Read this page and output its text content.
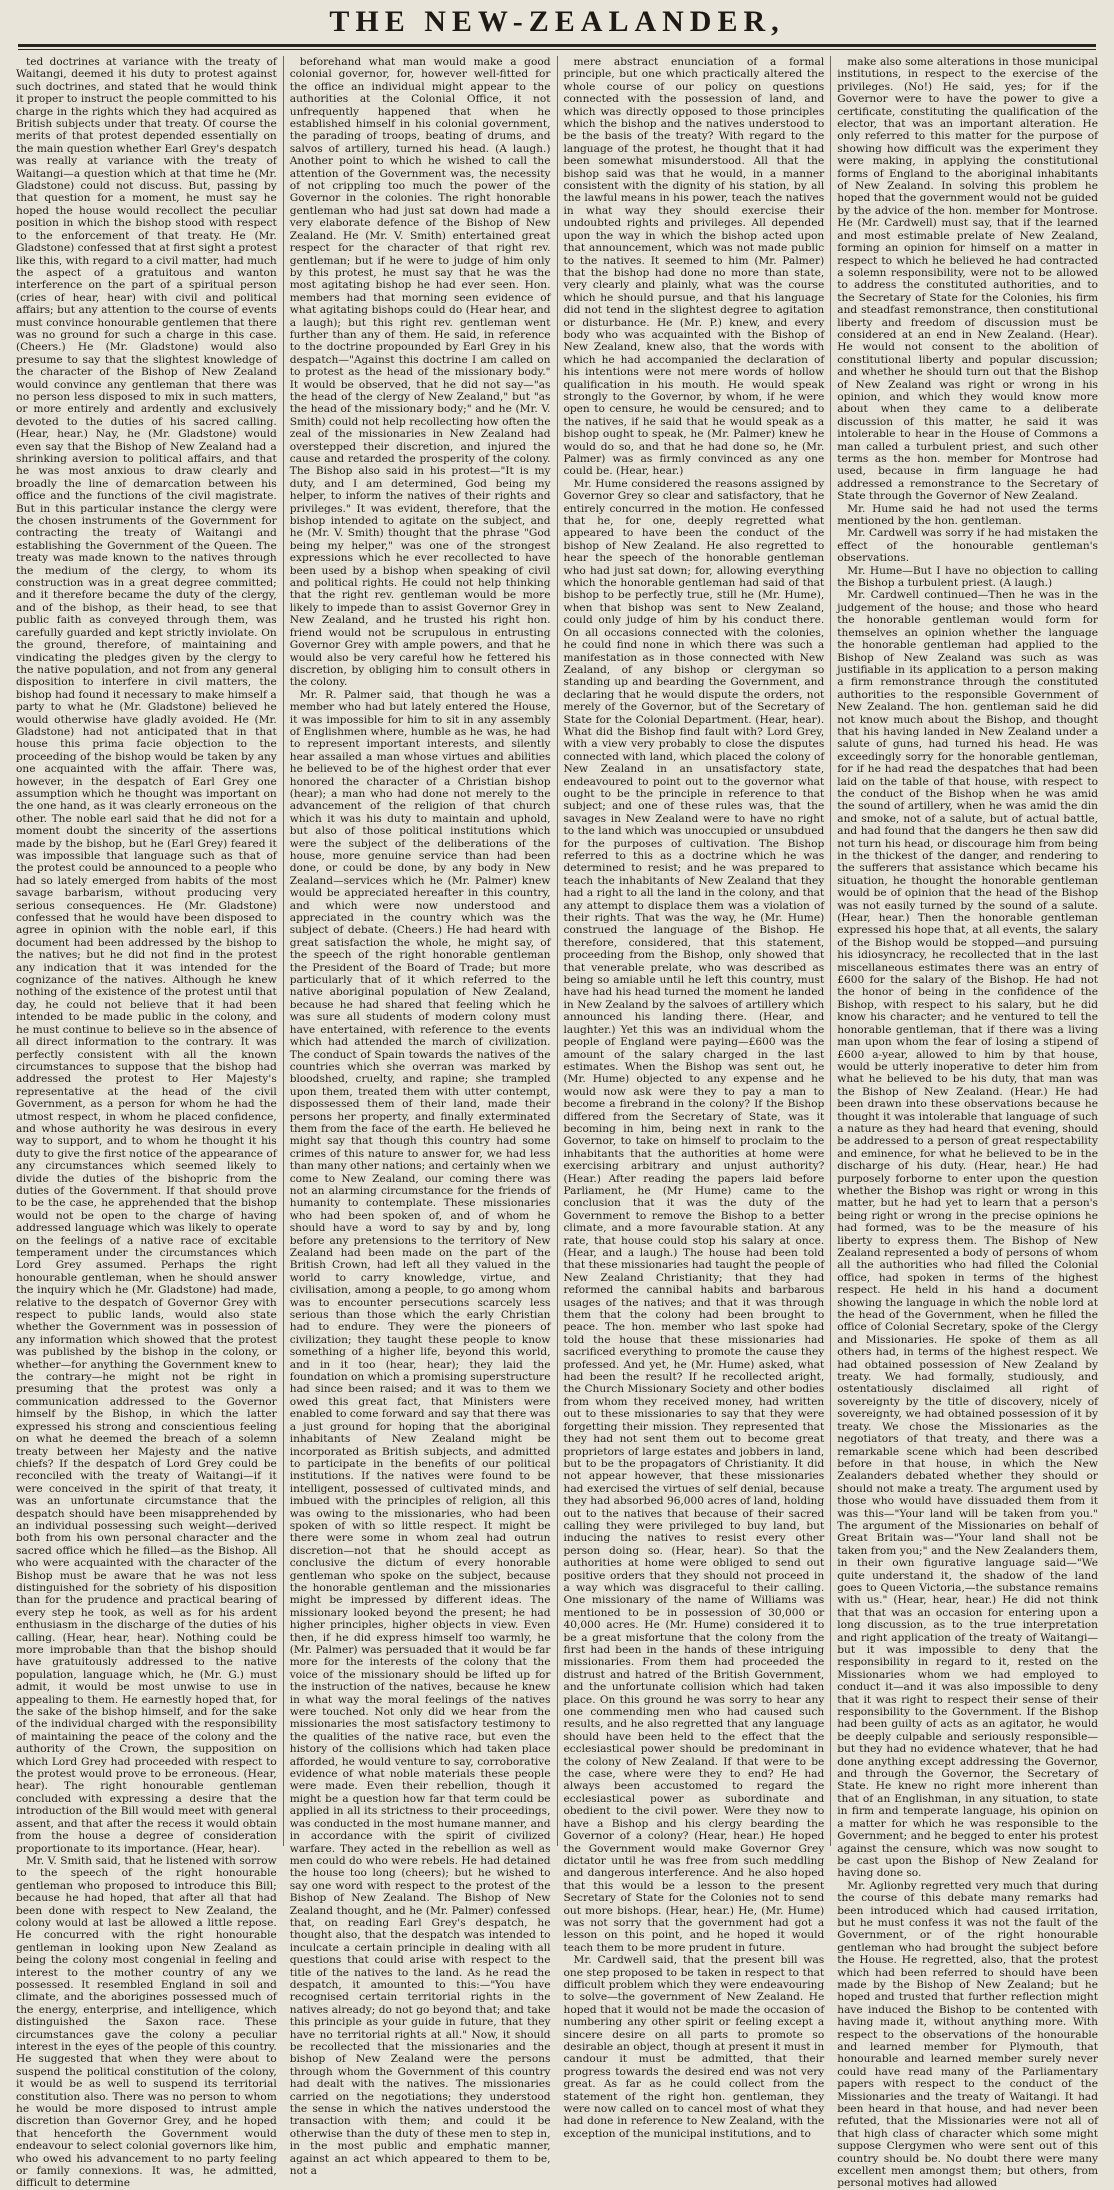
THE NEW-ZEALANDER,

ted doctrines at variance with the treaty of Waitangi, deemed it his duty to protest against such doctrines, and stated that he would think it proper to instruct the people committed to his charge in the rights which they had acquired as British subjects under that treaty. Of course the merits of that protest depended essentially on the main question whether Earl Grey's despatch was really at variance with the treaty of Waitangi—a question which at that time he (Mr. Gladstone) could not discuss. But, passing by that question for a moment, he must say he hoped the house would recollect the peculiar position in which the bishop stood with respect to the enforcement of that treaty. He (Mr. Gladstone) confessed that at first sight a protest like this, with regard to a civil matter, had much the aspect of a gratuitous and wanton interference on the part of a spiritual person (cries of hear, hear) with civil and political affairs; but any attention to the course of events must convince honourable gentlemen that there was no ground for such a charge in this case. (Cheers.) He (Mr. Gladstone) would also presume to say that the slightest knowledge of the character of the Bishop of New Zealand would convince any gentleman that there was no person less disposed to mix in such matters, or more entirely and ardently and exclusively devoted to the duties of his sacred calling. (Hear, hear.) Nay, he (Mr. Gladstone) would even say that the Bishop of New Zealand had a shrinking aversion to political affairs, and that he was most anxious to draw clearly and broadly the line of demarcation between his office and the functions of the civil magistrate. But in this particular instance the clergy were the chosen instruments of the Government for contracting the treaty of Waitangi and establishing the Government of the Queen. The treaty was made known to the natives through the medium of the clergy, to whom its construction was in a great degree committed; and it therefore became the duty of the clergy, and of the bishop, as their head, to see that public faith as conveyed through them, was carefully guarded and kept strictly inviolate. On the ground, therefore, of maintaining and vindicating the pledges given by the clergy to the native population, and not from any general disposition to interfere in civil matters, the bishop had found it necessary to make himself a party to what he (Mr. Gladstone) believed he would otherwise have gladly avoided. He (Mr. Gladstone) had not anticipated that in that house this prima facie objection to the proceeding of the bishop would be taken by any one acquainted with the affair. There was, however, in the despatch of Earl Grey one assumption which he thought was important on the one hand, as it was clearly erroneous on the other. The noble earl said that he did not for a moment doubt the sincerity of the assertions made by the bishop, but he (Earl Grey) feared it was impossible that language such as that of the protest could be announced to a people who had so lately emerged from habits of the most savage barbarism, without producing very serious consequences. He (Mr. Gladstone) confessed that he would have been disposed to agree in opinion with the noble earl, if this document had been addressed by the bishop to the natives; but he did not find in the protest any indication that it was intended for the cognizance of the natives. Although he knew nothing of the existence of the protest until that day, he could not believe that it had been intended to be made public in the colony, and he must continue to believe so in the absence of all direct information to the contrary. It was perfectly consistent with all the known circumstances to suppose that the bishop had addressed the protest to Her Majesty's representative at the head of the civil Government, as a person for whom he had the utmost respect, in whom he placed confidence, and whose authority he was desirous in every way to support, and to whom he thought it his duty to give the first notice of the appearance of any circumstances which seemed likely to divide the duties of the bishopric from the duties of the Government. If that should prove to be the case, he apprehended that the bishop would not be open to the charge of having addressed language which was likely to operate on the feelings of a native race of excitable temperament under the circumstances which Lord Grey assumed. Perhaps the right honourable gentleman, when he should answer the inquiry which he (Mr. Gladstone) had made, relative to the despatch of Governor Grey with respect to public lands, would also state whether the Government was in possession of any information which showed that the protest was published by the bishop in the colony, or whether—for anything the Government knew to the contrary—he might not be right in presuming that the protest was only a communication addressed to the Governor himself by the Bishop, in which the latter expressed his strong and conscientious feeling on what he deemed the breach of a solemn treaty between her Majesty and the native chiefs? If the despatch of Lord Grey could be reconciled with the treaty of Waitangi—if it were conceived in the spirit of that treaty, it was an unfortunate circumstance that the despatch should have been misapprehended by an individual possessing such weight—derived both from his own personal character and the sacred office which he filled—as the Bishop. All who were acquainted with the character of the Bishop must be aware that he was not less distinguished for the sobriety of his disposition than for the prudence and practical bearing of every step he took, as well as for his ardent enthusiasm in the discharge of the duties of his calling. (Hear, hear, hear). Nothing could be more improbable than that the bishop should have gratuitously addressed to the native population, language which, he (Mr. G.) must admit, it would be most unwise to use in appealing to them. He earnestly hoped that, for the sake of the bishop himself, and for the sake of the individual charged with the responsibility of maintaining the peace of the colony and the authority of the Crown, the supposition on which Lord Grey had proceeded with respect to the protest would prove to be erroneous. (Hear, hear). The right honourable gentleman concluded with expressing a desire that the introduction of the Bill would meet with general assent, and that after the recess it would obtain from the house a degree of consideration proportionate to its importance. (Hear, hear).

Mr. V. Smith said, that he listened with sorrow to the speech of the right honourable gentleman who proposed to introduce this Bill; because he had hoped, that after all that had been done with respect to New Zealand, the colony would at last be allowed a little repose. He concurred with the right honourable gentleman in looking upon New Zealand as being the colony most congenial in feeling and interest to the mother country of any we possessed. It resembled England in soil and climate, and the aborigines possessed much of the energy, enterprise, and intelligence, which distinguished the Saxon race. These circumstances gave the colony a peculiar interest in the eyes of the people of this country. He suggested that when they were about to suspend the political constitution of the colony, it would be as well to suspend its territorial constitution also. There was no person to whom he would be more disposed to intrust ample discretion than Governor Grey, and he hoped that henceforth the Government would endeavour to select colonial governors like him, who owed his advancement to no party feeling or family connexions. It was, he admitted, difficult to determine

beforehand what man would make a good colonial governor, for, however well-fitted for the office an individual might appear to the authorities at the Colonial Office, it not unfrequently happened that when he established himself in his colonial government, the parading of troops, beating of drums, and salvos of artillery, turned his head. (A laugh.) Another point to which he wished to call the attention of the Government was, the necessity of not crippling too much the power of the Governor in the colonies. The right honorable gentleman who had just sat down had made a very elaborate defence of the Bishop of New Zealand. He (Mr. V. Smith) entertained great respect for the character of that right rev. gentleman; but if he were to judge of him only by this protest, he must say that he was the most agitating bishop he had ever seen. Hon. members had that morning seen evidence of what agitating bishops could do (Hear hear, and a laugh); but this right rev. gentleman went further than any of them. He said, in reference to the doctrine propounded by Earl Grey in his despatch—"Against this doctrine I am called on to protest as the head of the missionary body." It would be observed, that he did not say—"as the head of the clergy of New Zealand," but "as the head of the missionary body;" and he (Mr. V. Smith) could not help recollecting how often the zeal of the missionaries in New Zealand had overstepped their discretion, and injured the cause and retarded the prosperity of the colony. The Bishop also said in his protest—"It is my duty, and I am determined, God being my helper, to inform the natives of their rights and privileges." It was evident, therefore, that the bishop intended to agitate on the subject, and he (Mr. V. Smith) thought that the phrase "God being my helper," was one of the strongest expressions which he ever recollected to have been used by a bishop when speaking of civil and political rights. He could not help thinking that the right rev. gentleman would be more likely to impede than to assist Governor Grey in New Zealand, and he trusted his right hon. friend would not be scrupulous in entrusting Governor Grey with ample powers, and that he would also be very careful how he fettered his discretion, by obliging him to consult others in the colony.

Mr. R. Palmer said, that though he was a member who had but lately entered the House, it was impossible for him to sit in any assembly of Englishmen where, humble as he was, he had to represent important interests, and silently hear assailed a man whose virtues and abilities he believed to be of the highest order that ever honored the character of a Christian bishop (hear); a man who had done not merely to the advancement of the religion of that church which it was his duty to maintain and uphold, but also of those political institutions which were the subject of the deliberations of the house, more genuine service than had been done, or could be done, by any body in New Zealand—services which he (Mr. Palmer) knew would be appreciated hereafter in this country, and which were now understood and appreciated in the country which was the subject of debate. (Cheers.) He had heard with great satisfaction the whole, he might say, of the speech of the right honorable gentleman the President of the Board of Trade; but more particularly that of it which referred to the native aboriginal population of New Zealand, because he had shared that feeling which he was sure all students of modern colony must have entertained, with reference to the events which had attended the march of civilization. The conduct of Spain towards the natives of the countries which she overran was marked by bloodshed, cruelty, and rapine; she trampled upon them, treated them with utter contempt, dispossessed them of their land, made their persons her property, and finally exterminated them from the face of the earth. He believed he might say that though this country had some crimes of this nature to answer for, we had less than many other nations; and certainly when we come to New Zealand, our coming there was not an alarming circumstance for the friends of humanity to contemplate. These missionaries who had been spoken of, and of whom he should have a word to say by and by, long before any pretensions to the territory of New Zealand had been made on the part of the British Crown, had left all they valued in the world to carry knowledge, virtue, and civilisation, among a people, to go among whom was to encounter persecutions scarcely less serious than those which the early Christian had to endure. They were the pioneers of civilization; they taught these people to know something of a higher life, beyond this world, and in it too (hear, hear); they laid the foundation on which a promising superstructure had since been raised; and it was to them we owed this great fact, that Ministers were enabled to come forward and say that there was a just ground for hoping that the aboriginal inhabitants of New Zealand might be incorporated as British subjects, and admitted to participate in the benefits of our political institutions. If the natives were found to be intelligent, possessed of cultivated minds, and imbued with the principles of religion, all this was owing to the missionaries, who had been spoken of with so little respect. It might be there were some in whom zeal had outrun discretion—not that he should accept as conclusive the dictum of every honorable gentleman who spoke on the subject, because the honorable gentleman and the missionaries might be impressed by different ideas. The missionary looked beyond the present; he had higher principles, higher objects in view. Even then, if he did express himself too warmly, he (Mr. Palmer) was persuaded that it would be far more for the interests of the colony that the voice of the missionary should be lifted up for the instruction of the natives, because he knew in what way the moral feelings of the natives were touched. Not only did we hear from the missionaries the most satisfactory testimony to the qualities of the native race, but even the history of the collisions which had taken place afforded, he would venture to say, corroborative evidence of what noble materials these people were made. Even their rebellion, though it might be a question how far that term could be applied in all its strictness to their proceedings, was conducted in the most humane manner, and in accordance with the spirit of civilized warfare. They acted in the rebellion as well as men could do who were rebels. He had detained the house too long (cheers); but he wished to say one word with respect to the protest of the Bishop of New Zealand. The Bishop of New Zealand thought, and he (Mr. Palmer) confessed that, on reading Earl Grey's despatch, he thought also, that the despatch was intended to inculcate a certain principle in dealing with all questions that could arise with respect to the title of the natives to the land. As he read the despatch, it amounted to this:—"You have recognised certain territorial rights in the natives already; do not go beyond that; and take this principle as your guide in future, that they have no territorial rights at all." Now, it should be recollected that the missionaries and the bishop of New Zealand were the persons through whom the Government of this country had dealt with the natives. The missionaries carried on the negotiations; they understood the sense in which the natives understood the transaction with them; and could it be otherwise than the duty of these men to step in, in the most public and emphatic manner, against an act which appeared to them to be, not a

mere abstract enunciation of a formal principle, but one which practically altered the whole course of our policy on questions connected with the possession of land, and which was directly opposed to those principles which the bishop and the natives understood to be the basis of the treaty? With regard to the language of the protest, he thought that it had been somewhat misunderstood. All that the bishop said was that he would, in a manner consistent with the dignity of his station, by all the lawful means in his power, teach the natives in what way they should exercise their undoubted rights and privileges. All depended upon the way in which the bishop acted upon that announcement, which was not made public to the natives. It seemed to him (Mr. Palmer) that the bishop had done no more than state, very clearly and plainly, what was the course which he should pursue, and that his language did not tend in the slightest degree to agitation or disturbance. He (Mr. P.) knew, and every body who was acquainted with the Bishop of New Zealand, knew also, that the words with which he had accompanied the declaration of his intentions were not mere words of hollow qualification in his mouth. He would speak strongly to the Governor, by whom, if he were open to censure, he would be censured; and to the natives, if he said that he would speak as a bishop ought to speak, he (Mr. Palmer) knew he would do so, and that he had done so, he (Mr. Palmer) was as firmly convinced as any one could be. (Hear, hear.)

Mr. Hume considered the reasons assigned by Governor Grey so clear and satisfactory, that he entirely concurred in the motion. He confessed that he, for one, deeply regretted what appeared to have been the conduct of the bishop of New Zealand. He also regretted to hear the speech of the honorable gentleman who had just sat down; for, allowing everything which the honorable gentleman had said of that bishop to be perfectly true, still he (Mr. Hume), when that bishop was sent to New Zealand, could only judge of him by his conduct there. On all occasions connected with the colonies, he could find none in which there was such a manifestation as in those connected with New Zealand, of any bishop or clergyman so standing up and bearding the Government, and declaring that he would dispute the orders, not merely of the Governor, but of the Secretary of State for the Colonial Department. (Hear, hear). What did the Bishop find fault with? Lord Grey, with a view very probably to close the disputes connected with land, which placed the colony of New Zealand in an unsatisfactory state, endeavoured to point out to the governor what ought to be the principle in reference to that subject; and one of these rules was, that the savages in New Zealand were to have no right to the land which was unoccupied or unsubdued for the purposes of cultivation. The Bishop referred to this as a doctrine which he was determined to resist; and he was prepared to teach the inhabitants of New Zealand that they had a right to all the land in the colony, and that any attempt to displace them was a violation of their rights. That was the way, he (Mr. Hume) construed the language of the Bishop. He therefore, considered, that this statement, proceeding from the Bishop, only showed that that venerable prelate, who was described as being so amiable until he left this country, must have had his head turned the moment he landed in New Zealand by the salvoes of artillery which announced his landing there. (Hear, and laughter.) Yet this was an individual whom the people of England were paying—£600 was the amount of the salary charged in the last estimates. When the Bishop was sent out, he (Mr. Hume) objected to any expense and he would now ask were they to pay a man to become a firebrand in the colony? If the Bishop differed from the Secretary of State, was it becoming in him, being next in rank to the Governor, to take on himself to proclaim to the inhabitants that the authorities at home were exercising arbitrary and unjust authority? (Hear.) After reading the papers laid before Parliament, he (Mr Hume) came to the conclusion that it was the duty of the Government to remove the Bishop to a better climate, and a more favourable station. At any rate, that house could stop his salary at once. (Hear, and a laugh.) The house had been told that these missionaries had taught the people of New Zealand Christianity; that they had reformed the cannibal habits and barbarous usages of the natives; and that it was through them that the colony had been brought to peace. The hon. member who last spoke had told the house that these missionaries had sacrificed everything to promote the cause they professed. And yet, he (Mr. Hume) asked, what had been the result? If he recollected aright, the Church Missionary Society and other bodies from whom they received money, had written out to these missionaries to say that they were forgetting their mission. They represented that they had not sent them out to become great proprietors of large estates and jobbers in land, but to be the propagators of Christianity. It did not appear however, that these missionaries had exercised the virtues of self denial, because they had absorbed 96,000 acres of land, holding out to the natives that because of their sacred calling they were privileged to buy land, but inducing the natives to resist every other person doing so. (Hear, hear). So that the authorities at home were obliged to send out positive orders that they should not proceed in a way which was disgraceful to their calling. One missionary of the name of Williams was mentioned to be in possession of 30,000 or 40,000 acres. He (Mr. Hume) considered it to be a great misfortune that the colony from the first had been in the hands of these intriguing missionaries. From them had proceeded the distrust and hatred of the British Government, and the unfortunate collision which had taken place. On this ground he was sorry to hear any one commending men who had caused such results, and he also regretted that any language should have been held to the effect that the ecclesiastical power should be predominant in the colony of New Zealand. If that were to be the case, where were they to end? He had always been accustomed to regard the ecclesiastical power as subordinate and obedient to the civil power. Were they now to have a Bishop and his clergy bearding the Governor of a colony? (Hear, hear.) He hoped the Government would make Governor Grey dictator until he was free from such meddling and dangerous interference. And he also hoped that this would be a lesson to the present Secretary of State for the Colonies not to send out more bishops. (Hear, hear.) He, (Mr. Hume) was not sorry that the government had got a lesson on this point, and he hoped it would teach them to be more prudent in future.

Mr. Cardwell said, that the present bill was one step proposed to be taken in respect to that difficult problem which they were endeavouring to solve—the government of New Zealand. He hoped that it would not be made the occasion of numbering any other spirit or feeling except a sincere desire on all parts to promote so desirable an object, though at present it must in candour it must be admitted, that their progress towards the desired end was not very great. As far as he could collect from the statement of the right hon. gentleman, they were now called on to cancel most of what they had done in reference to New Zealand, with the exception of the municipal institutions, and to

make also some alterations in those municipal institutions, in respect to the exercise of the privileges. (No!) He said, yes; for if the Governor were to have the power to give a certificate, constituting the qualification of the elector, that was an important alteration. He only referred to this matter for the purpose of showing how difficult was the experiment they were making, in applying the constitutional forms of England to the aboriginal inhabitants of New Zealand. In solving this problem he hoped that the government would not be guided by the advice of the hon. member for Montrose. He (Mr. Cardwell) must say, that if the learned and most estimable prelate of New Zealand, forming an opinion for himself on a matter in respect to which he believed he had contracted a solemn responsibility, were not to be allowed to address the constituted authorities, and to the Secretary of State for the Colonies, his firm and steadfast remonstrance, then constitutional liberty and freedom of discussion must be considered at an end in New Zealand. (Hear). He would not consent to the abolition of constitutional liberty and popular discussion; and whether he should turn out that the Bishop of New Zealand was right or wrong in his opinion, and which they would know more about when they came to a deliberate discussion of this matter, he said it was intolerable to hear in the House of Commons a man called a turbulent priest, and such other terms as the hon. member for Montrose had used, because in firm language he had addressed a remonstrance to the Secretary of State through the Governor of New Zealand.

Mr. Hume said he had not used the terms mentioned by the hon. gentleman.

Mr. Cardwell was sorry if he had mistaken the effect of the honourable gentleman's observations.

Mr. Hume—But I have no objection to calling the Bishop a turbulent priest. (A laugh.)

Mr. Cardwell continued—Then he was in the judgement of the house; and those who heard the honorable gentleman would form for themselves an opinion whether the language the honorable gentleman had applied to the Bishop of New Zealand was such as was justifiable in its application to a person making a firm remonstrance through the constituted authorities to the responsible Government of New Zealand. The hon. gentleman said he did not know much about the Bishop, and thought that his having landed in New Zealand under a salute of guns, had turned his head. He was exceedingly sorry for the honorable gentleman, for if he had read the despatches that had been laid on the table of that house, with respect to the conduct of the Bishop when he was amid the sound of artillery, when he was amid the din and smoke, not of a salute, but of actual battle, and had found that the dangers he then saw did not turn his head, or discourage him from being in the thickest of the danger, and rendering to the sufferers that assistance which became his situation, he thought the honorable gentleman would be of opinion that the head of the Bishop was not easily turned by the sound of a salute. (Hear, hear.) Then the honorable gentleman expressed his hope that, at all events, the salary of the Bishop would be stopped—and pursuing his idiosyncracy, he recollected that in the last miscellaneous estimates there was an entry of £600 for the salary of the Bishop. He had not the honor of being in the confidence of the Bishop, with respect to his salary, but he did know his character; and he ventured to tell the honorable gentleman, that if there was a living man upon whom the fear of losing a stipend of £600 a-year, allowed to him by that house, would be utterly inoperative to deter him from what he believed to be his duty, that man was the Bishop of New Zealand. (Hear.) He had been drawn into these observations because he thought it was intolerable that language of such a nature as they had heard that evening, should be addressed to a person of great respectability and eminence, for what he believed to be in the discharge of his duty. (Hear, hear.) He had purposely forborne to enter upon the question whether the Bishop was right or wrong in this matter, but he had yet to learn that a person's being right or wrong in the precise opinions he had formed, was to be the measure of his liberty to express them. The Bishop of New Zealand represented a body of persons of whom all the authorities who had filled the Colonial office, had spoken in terms of the highest respect. He held in his hand a document showing the language in which the noble lord at the head of the Government, when he filled the office of Colonial Secretary, spoke of the Clergy and Missionaries. He spoke of them as all others had, in terms of the highest respect. We had obtained possession of New Zealand by treaty. We had formally, studiously, and ostentatiously disclaimed all right of sovereignty by the title of discovery, nicely of sovereignty, we had obtained possession of it by treaty. We chose the Missionaries as the negotiators of that treaty, and there was a remarkable scene which had been described before in that house, in which the New Zealanders debated whether they should or should not make a treaty. The argument used by those who would have dissuaded them from it was this—"Your land will be taken from you." The argument of the Missionaries on behalf of Great Britain was—"Your land shall not be taken from you;" and the New Zealanders them, in their own figurative language said—"We quite understand it, the shadow of the land goes to Queen Victoria,—the substance remains with us." (Hear, hear, hear.) He did not think that that was an occasion for entering upon a long discussion, as to the true interpretation and right application of the treaty of Waitangi—but it was impossible to deny that the responsibility in regard to it, rested on the Missionaries whom we had employed to conduct it—and it was also impossible to deny that it was right to respect their sense of their responsibility to the Government. If the Bishop had been guilty of acts as an agitator, he would be deeply culpable and seriously responsible—but they had no evidence whatever, that he had done anything except addressing the Governor, and through the Governor, the Secretary of State. He knew no right more inherent than that of an Englishman, in any situation, to state in firm and temperate language, his opinion on a matter for which he was responsible to the Government; and he begged to enter his protest against the censure, which was now sought to be cast upon the Bishop of New Zealand for having done so.

Mr. Aglionby regretted very much that during the course of this debate many remarks had been introduced which had caused irritation, but he must confess it was not the fault of the Government, or of the right honourable gentleman who had brought the subject before the House. He regretted, also, that the protest which had been referred to should have been made by the Bishop of New Zealand; but he hoped and trusted that further reflection might have induced the Bishop to be contented with having made it, without anything more. With respect to the observations of the honourable and learned member for Plymouth, that honourable and learned member surely never could have read many of the Parliamentary papers with respect to the conduct of the Missionaries and the treaty of Waitangi. It had been heard in that house, and had never been refuted, that the Missionaries were not all of that high class of character which some might suppose Clergymen who were sent out of this country should be. No doubt there were many excellent men amongst them; but others, from personal motives had allowed
